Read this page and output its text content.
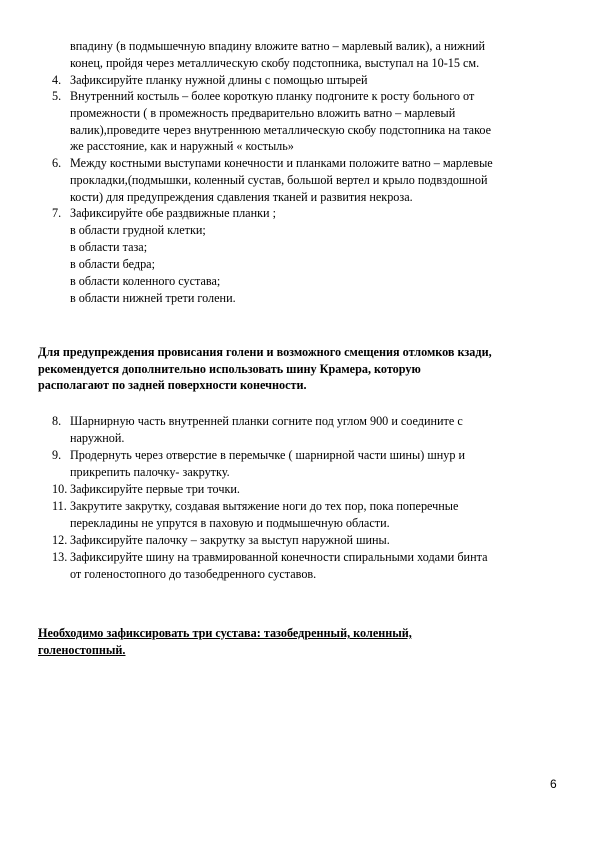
впадину (в подмышечную впадину вложите ватно – марлевый валик), а нижний
конец, пройдя через металлическую скобу подстопника, выступал на 10-15 см.
4. Зафиксируйте планку нужной длины с помощью штырей
5. Внутренний костыль – более короткую планку подгоните к росту больного от
промежности ( в промежность предварительно вложить ватно – марлевый
валик),проведите через внутреннюю металлическую скобу подстопника на такое
же расстояние, как и наружный « костыль»
6. Между костными выступами конечности и планками положите ватно – марлевые
прокладки,(подмышки, коленный сустав, большой вертел и крыло подвздошной
кости) для предупреждения сдавления тканей и развития некроза.
7. Зафиксируйте обе раздвижные планки ;
в области грудной клетки;
в области таза;
в области бедра;
в области коленного сустава;
в области нижней трети голени.
Для предупреждения провисания голени и возможного смещения отломков кзади,
рекомендуется дополнительно использовать шину Крамера, которую
располагают по задней поверхности конечности.
8. Шарнирную часть внутренней планки согните под углом 900 и соедините с
наружной.
9. Продернуть через отверстие в перемычке ( шарнирной части шины) шнур и
прикрепить палочку- закрутку.
10. Зафиксируйте первые три точки.
11. Закрутите закрутку, создавая вытяжение ноги до тех пор, пока поперечные
перекладины не упрутся в паховую и подмышечную области.
12. Зафиксируйте палочку – закрутку за выступ наружной шины.
13. Зафиксируйте шину на травмированной конечности спиральными ходами бинта
от голеностопного до тазобедренного суставов.
Необходимо зафиксировать три сустава: тазобедренный, коленный,
голеностопный.
6
